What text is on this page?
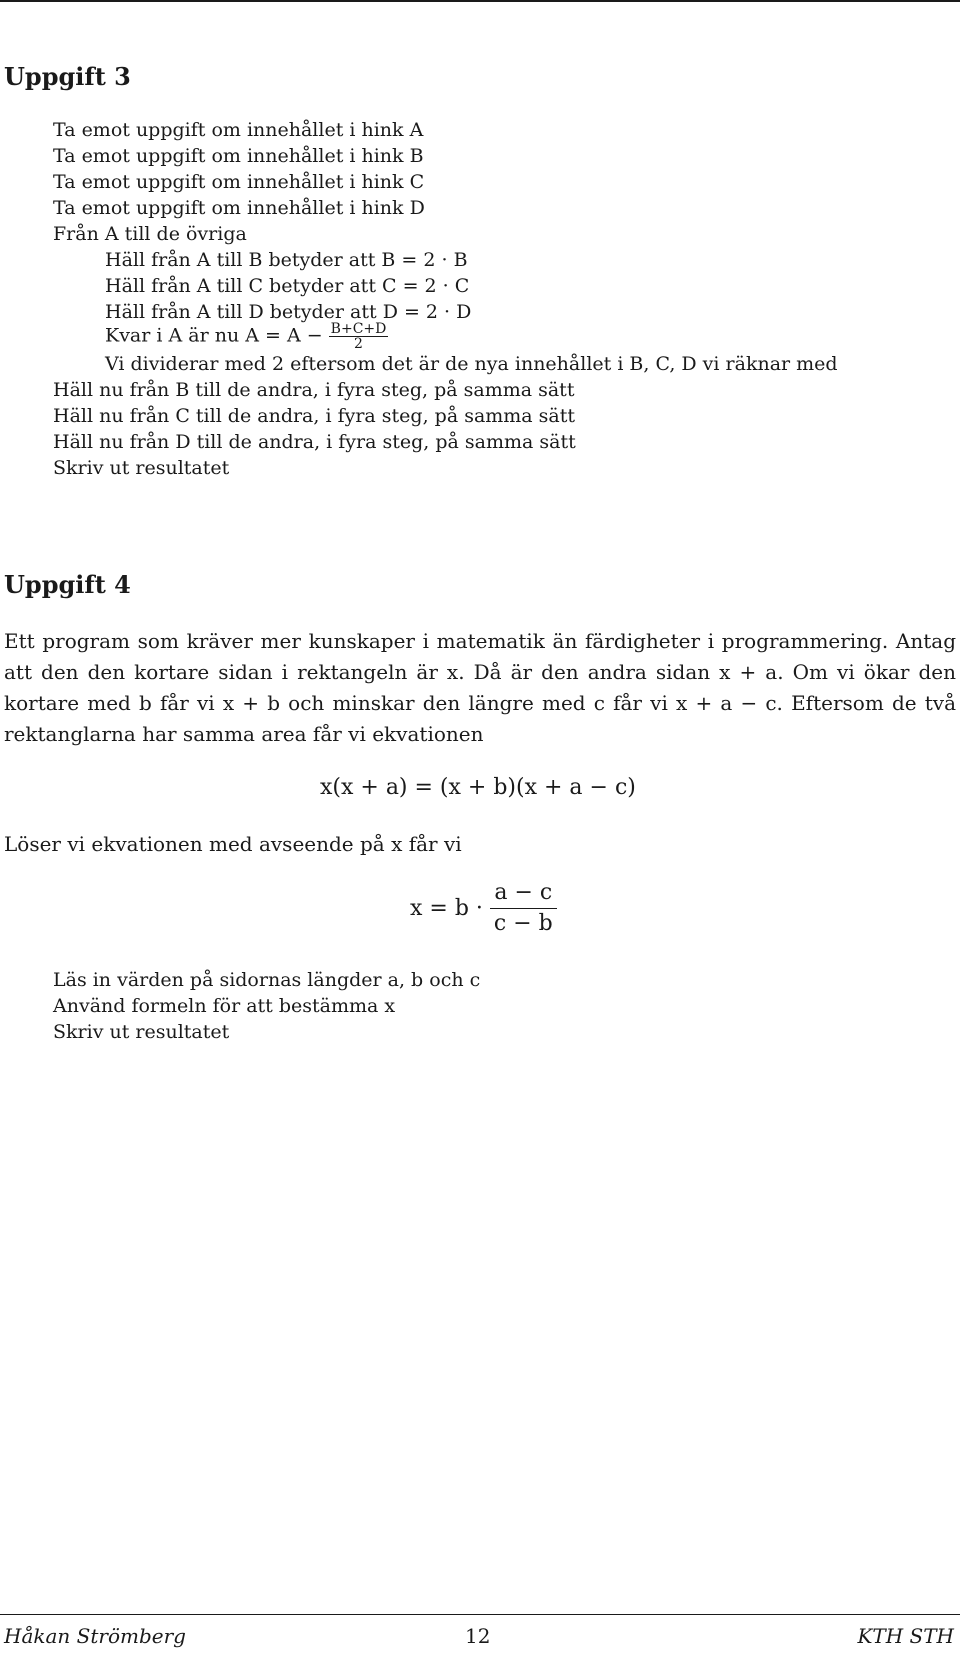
Uppgift 3
Ta emot uppgift om innehållet i hink A
Ta emot uppgift om innehållet i hink B
Ta emot uppgift om innehållet i hink C
Ta emot uppgift om innehållet i hink D
Från A till de övriga
Häll från A till B betyder att B = 2 · B
Häll från A till C betyder att C = 2 · C
Häll från A till D betyder att D = 2 · D
Kvar i A är nu $A = A - \frac{B+C+D}{2}$
Vi dividerar med 2 eftersom det är de nya innehållet i B, C, D vi räknar med
Häll nu från B till de andra, i fyra steg, på samma sätt
Häll nu från C till de andra, i fyra steg, på samma sätt
Häll nu från D till de andra, i fyra steg, på samma sätt
Skriv ut resultatet
Uppgift 4
Ett program som kräver mer kunskaper i matematik än färdigheter i programmering. Antag att den den kortare sidan i rektangeln är x. Då är den andra sidan x + a. Om vi ökar den kortare med b får vi x + b och minskar den längre med c får vi x + a − c. Eftersom de två rektanglarna har samma area får vi ekvationen
x(x + a) = (x + b)(x + a − c)
Löser vi ekvationen med avseende på x får vi
$x = b \cdot \frac{a - c}{c - b}$
Läs in värden på sidornas längder a, b och c
Använd formeln för att bestämma x
Skriv ut resultatet
Håkan Strömberg	12	KTH STH
